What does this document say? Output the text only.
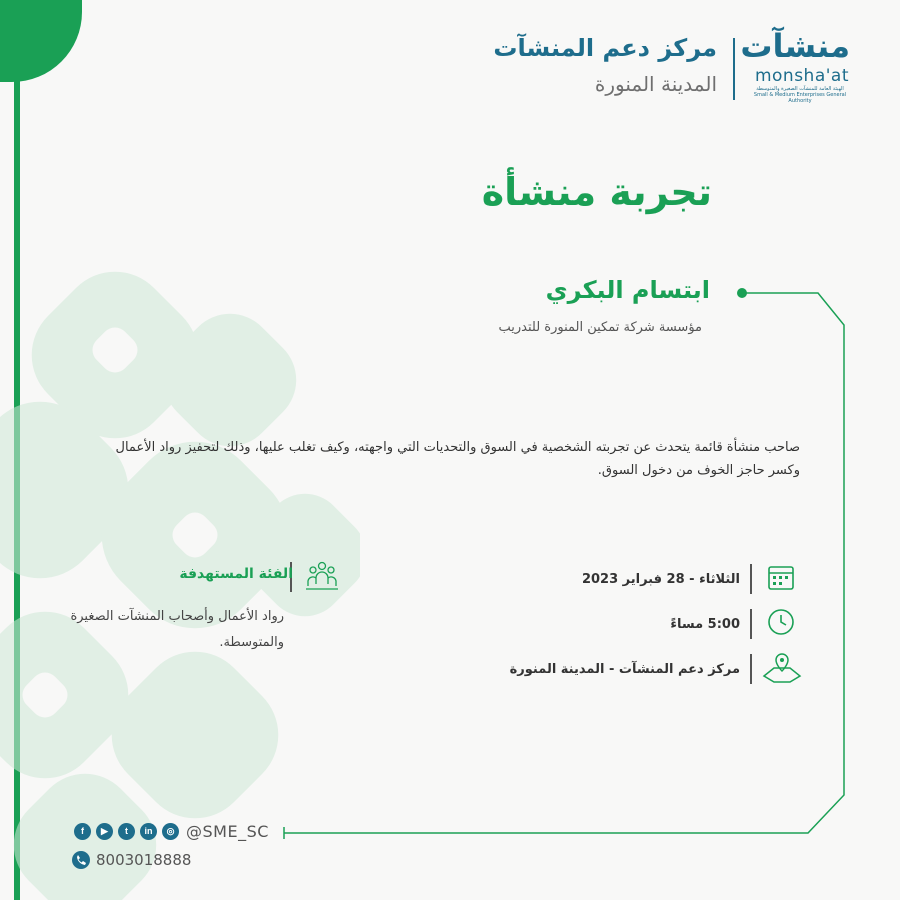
مركز دعم المنشآت
المدينة المنورة
منشآت
monsha'at
الهيئة العامة للمنشآت الصغيرة والمتوسطة
Small & Medium Enterprises General Authority
تجربة منشأة
ابتسام البكري
مؤسسة شركة تمكين المنورة للتدريب
صاحب منشأة قائمة يتحدث عن تجربته الشخصية في السوق والتحديات التي واجهته، وكيف تغلب عليها، وذلك لتحفيز رواد الأعمال وكسر حاجز الخوف من دخول السوق.
الثلاثاء - 28 فبراير 2023
5:00 مساءً
مركز دعم المنشآت - المدينة المنورة
الفئة المستهدفة
رواد الأعمال وأصحاب المنشآت الصغيرة والمتوسطة.
◎
in
t
▶
f	@SME_SC
8003018888
